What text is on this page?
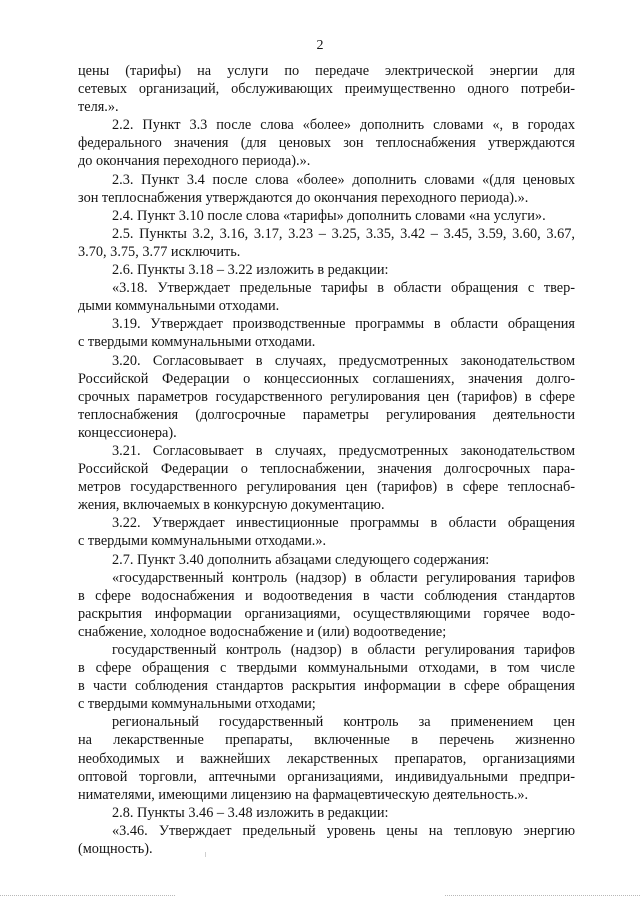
2

цены (тарифы) на услуги по передаче электрической энергии для
сетевых организаций, обслуживающих преимущественно одного потреби-
теля.».

2.2. Пункт 3.3 после слова «более» дополнить словами «, в городах
федерального значения (для ценовых зон теплоснабжения утверждаются
до окончания переходного периода).».

2.3. Пункт 3.4 после слова «более» дополнить словами «(для ценовых
зон теплоснабжения утверждаются до окончания переходного периода).».

2.4. Пункт 3.10 после слова «тарифы» дополнить словами «на услуги».

2.5. Пункты 3.2, 3.16, 3.17, 3.23 – 3.25, 3.35, 3.42 – 3.45, 3.59, 3.60, 3.67,
3.70, 3.75, 3.77 исключить.

2.6. Пункты 3.18 – 3.22 изложить в редакции:

«3.18. Утверждает предельные тарифы в области обращения с твер-
дыми коммунальными отходами.

3.19. Утверждает производственные программы в области обращения
с твердыми коммунальными отходами.

3.20. Согласовывает в случаях, предусмотренных законодательством
Российской Федерации о концессионных соглашениях, значения долго-
срочных параметров государственного регулирования цен (тарифов) в сфере
теплоснабжения (долгосрочные параметры регулирования деятельности
концессионера).

3.21. Согласовывает в случаях, предусмотренных законодательством
Российской Федерации о теплоснабжении, значения долгосрочных пара-
метров государственного регулирования цен (тарифов) в сфере теплоснаб-
жения, включаемых в конкурсную документацию.

3.22. Утверждает инвестиционные программы в области обращения
с твердыми коммунальными отходами.».

2.7. Пункт 3.40 дополнить абзацами следующего содержания:

«государственный контроль (надзор) в области регулирования тарифов
в сфере водоснабжения и водоотведения в части соблюдения стандартов
раскрытия информации организациями, осуществляющими горячее водо-
снабжение, холодное водоснабжение и (или) водоотведение;

государственный контроль (надзор) в области регулирования тарифов
в сфере обращения с твердыми коммунальными отходами, в том числе
в части соблюдения стандартов раскрытия информации в сфере обращения
с твердыми коммунальными отходами;

региональный государственный контроль за применением цен
на лекарственные препараты, включенные в перечень жизненно
необходимых и важнейших лекарственных препаратов, организациями
оптовой торговли, аптечными организациями, индивидуальными предпри-
нимателями, имеющими лицензию на фармацевтическую деятельность.».

2.8. Пункты 3.46 – 3.48 изложить в редакции:

«3.46. Утверждает предельный уровень цены на тепловую энергию
(мощность).
